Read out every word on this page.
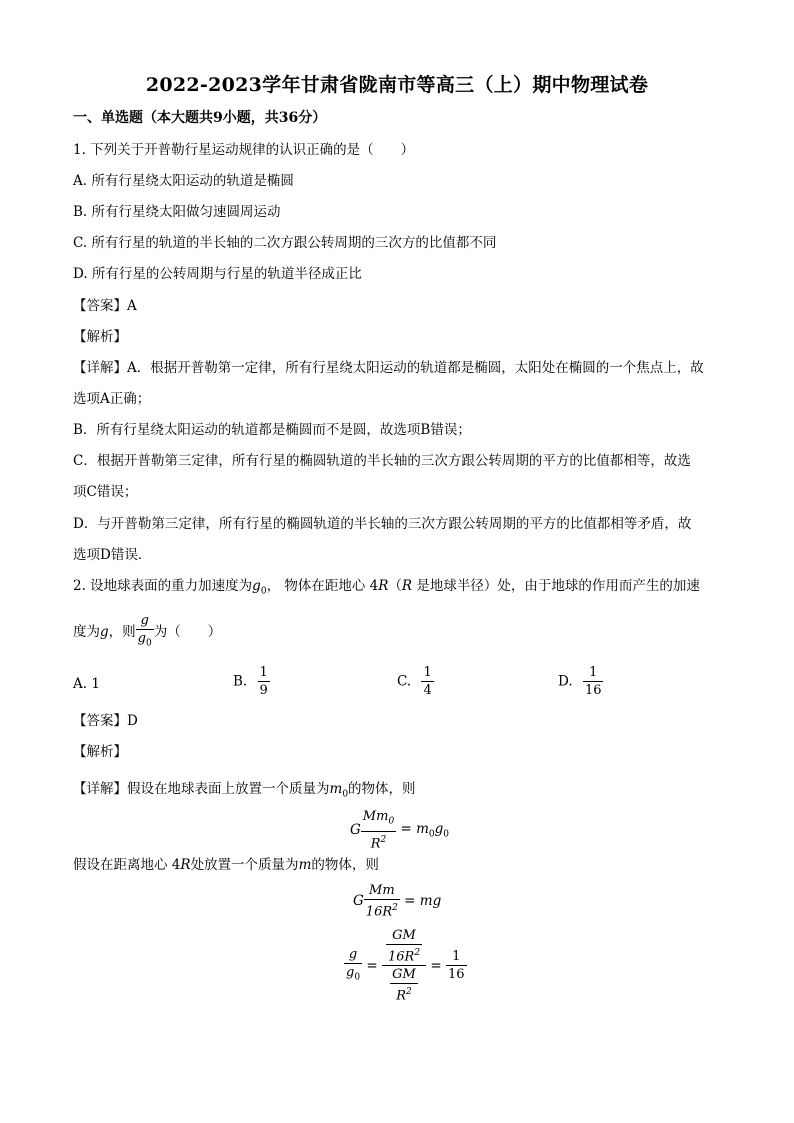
2022-2023学年甘肃省陇南市等高三（上）期中物理试卷
一、单选题（本大题共9小题，共36分）
1. 下列关于开普勒行星运动规律的认识正确的是（　　）
A. 所有行星绕太阳运动的轨道是椭圆
B. 所有行星绕太阳做匀速圆周运动
C. 所有行星的轨道的半长轴的二次方跟公转周期的三次方的比值都不同
D. 所有行星的公转周期与行星的轨道半径成正比
【答案】A
【解析】
【详解】A．根据开普勒第一定律，所有行星绕太阳运动的轨道都是椭圆，太阳处在椭圆的一个焦点上，故
选项A正确；
B．所有行星绕太阳运动的轨道都是椭圆而不是圆，故选项B错误；
C．根据开普勒第三定律，所有行星的椭圆轨道的半长轴的三次方跟公转周期的平方的比值都相等，故选
项C错误；
D．与开普勒第三定律，所有行星的椭圆轨道的半长轴的三次方跟公转周期的平方的比值都相等矛盾，故
选项D错误．
2. 设地球表面的重力加速度为$g_0$， 物体在距地心 4R（R 是地球半径）处，由于地球的作用而产生的加速
度为g，则 $\frac{g}{g_0}$ 为（　　）
A. 1	B. $\frac{1}{9}$	C. $\frac{1}{4}$	D. $\frac{1}{16}$
【答案】D
【解析】
【详解】假设在地球表面上放置一个质量为$m_0$的物体，则
G $\frac{Mm_0}{R^2} = m_0g_0$
假设在距离地心 4R处放置一个质量为m的物体，则
G $\frac{Mm}{16R^2}$ = mg
$\frac{g}{g_0} = \frac{\frac{GM}{16R^2}}{\frac{GM}{R^2}} = \frac{1}{16}$
